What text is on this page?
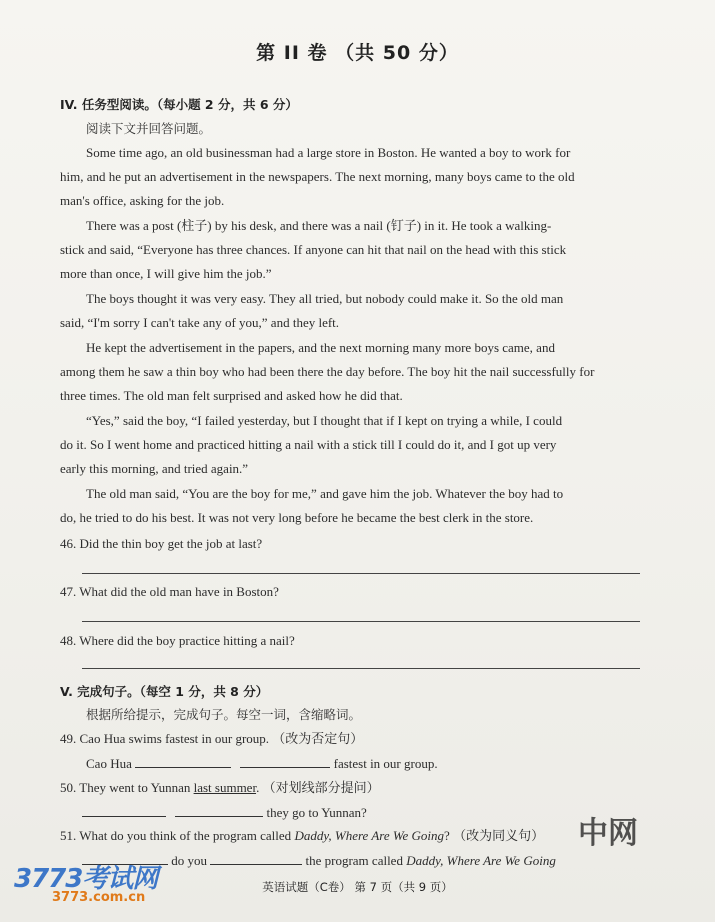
第 II 卷 （共 50 分）
IV. 任务型阅读。（每小题 2 分，共 6 分）
阅读下文并回答问题。
Some time ago, an old businessman had a large store in Boston. He wanted a boy to work for
him, and he put an advertisement in the newspapers. The next morning, many boys came to the old
man's office, asking for the job.
There was a post (柱子) by his desk, and there was a nail (钉子) in it. He took a walking-
stick and said, “Everyone has three chances. If anyone can hit that nail on the head with this stick
more than once, I will give him the job.”
The boys thought it was very easy. They all tried, but nobody could make it. So the old man
said, “I'm sorry I can't take any of you,” and they left.
He kept the advertisement in the papers, and the next morning many more boys came, and
among them he saw a thin boy who had been there the day before. The boy hit the nail successfully for
three times. The old man felt surprised and asked how he did that.
“Yes,” said the boy, “I failed yesterday, but I thought that if I kept on trying a while, I could
do it. So I went home and practiced hitting a nail with a stick till I could do it, and I got up very
early this morning, and tried again.”
The old man said, “You are the boy for me,” and gave him the job. Whatever the boy had to
do, he tried to do his best. It was not very long before he became the best clerk in the store.
46. Did the thin boy get the job at last?
47. What did the old man have in Boston?
48. Where did the boy practice hitting a nail?
V. 完成句子。（每空 1 分，共 8 分）
根据所给提示，完成句子。每空一词，含缩略词。
49. Cao Hua swims fastest in our group. （改为否定句）
Cao Hua	fastest in our group.
50. They went to Yunnan last summer. （对划线部分提问）
they go to Yunnan?
51. What do you think of the program called Daddy, Where Are We Going? （改为同义句）
do you	the program called Daddy, Where Are We Going
英语试题（C卷） 第 7 页（共 9 页）
3773考试网
3773.com.cn
中网
